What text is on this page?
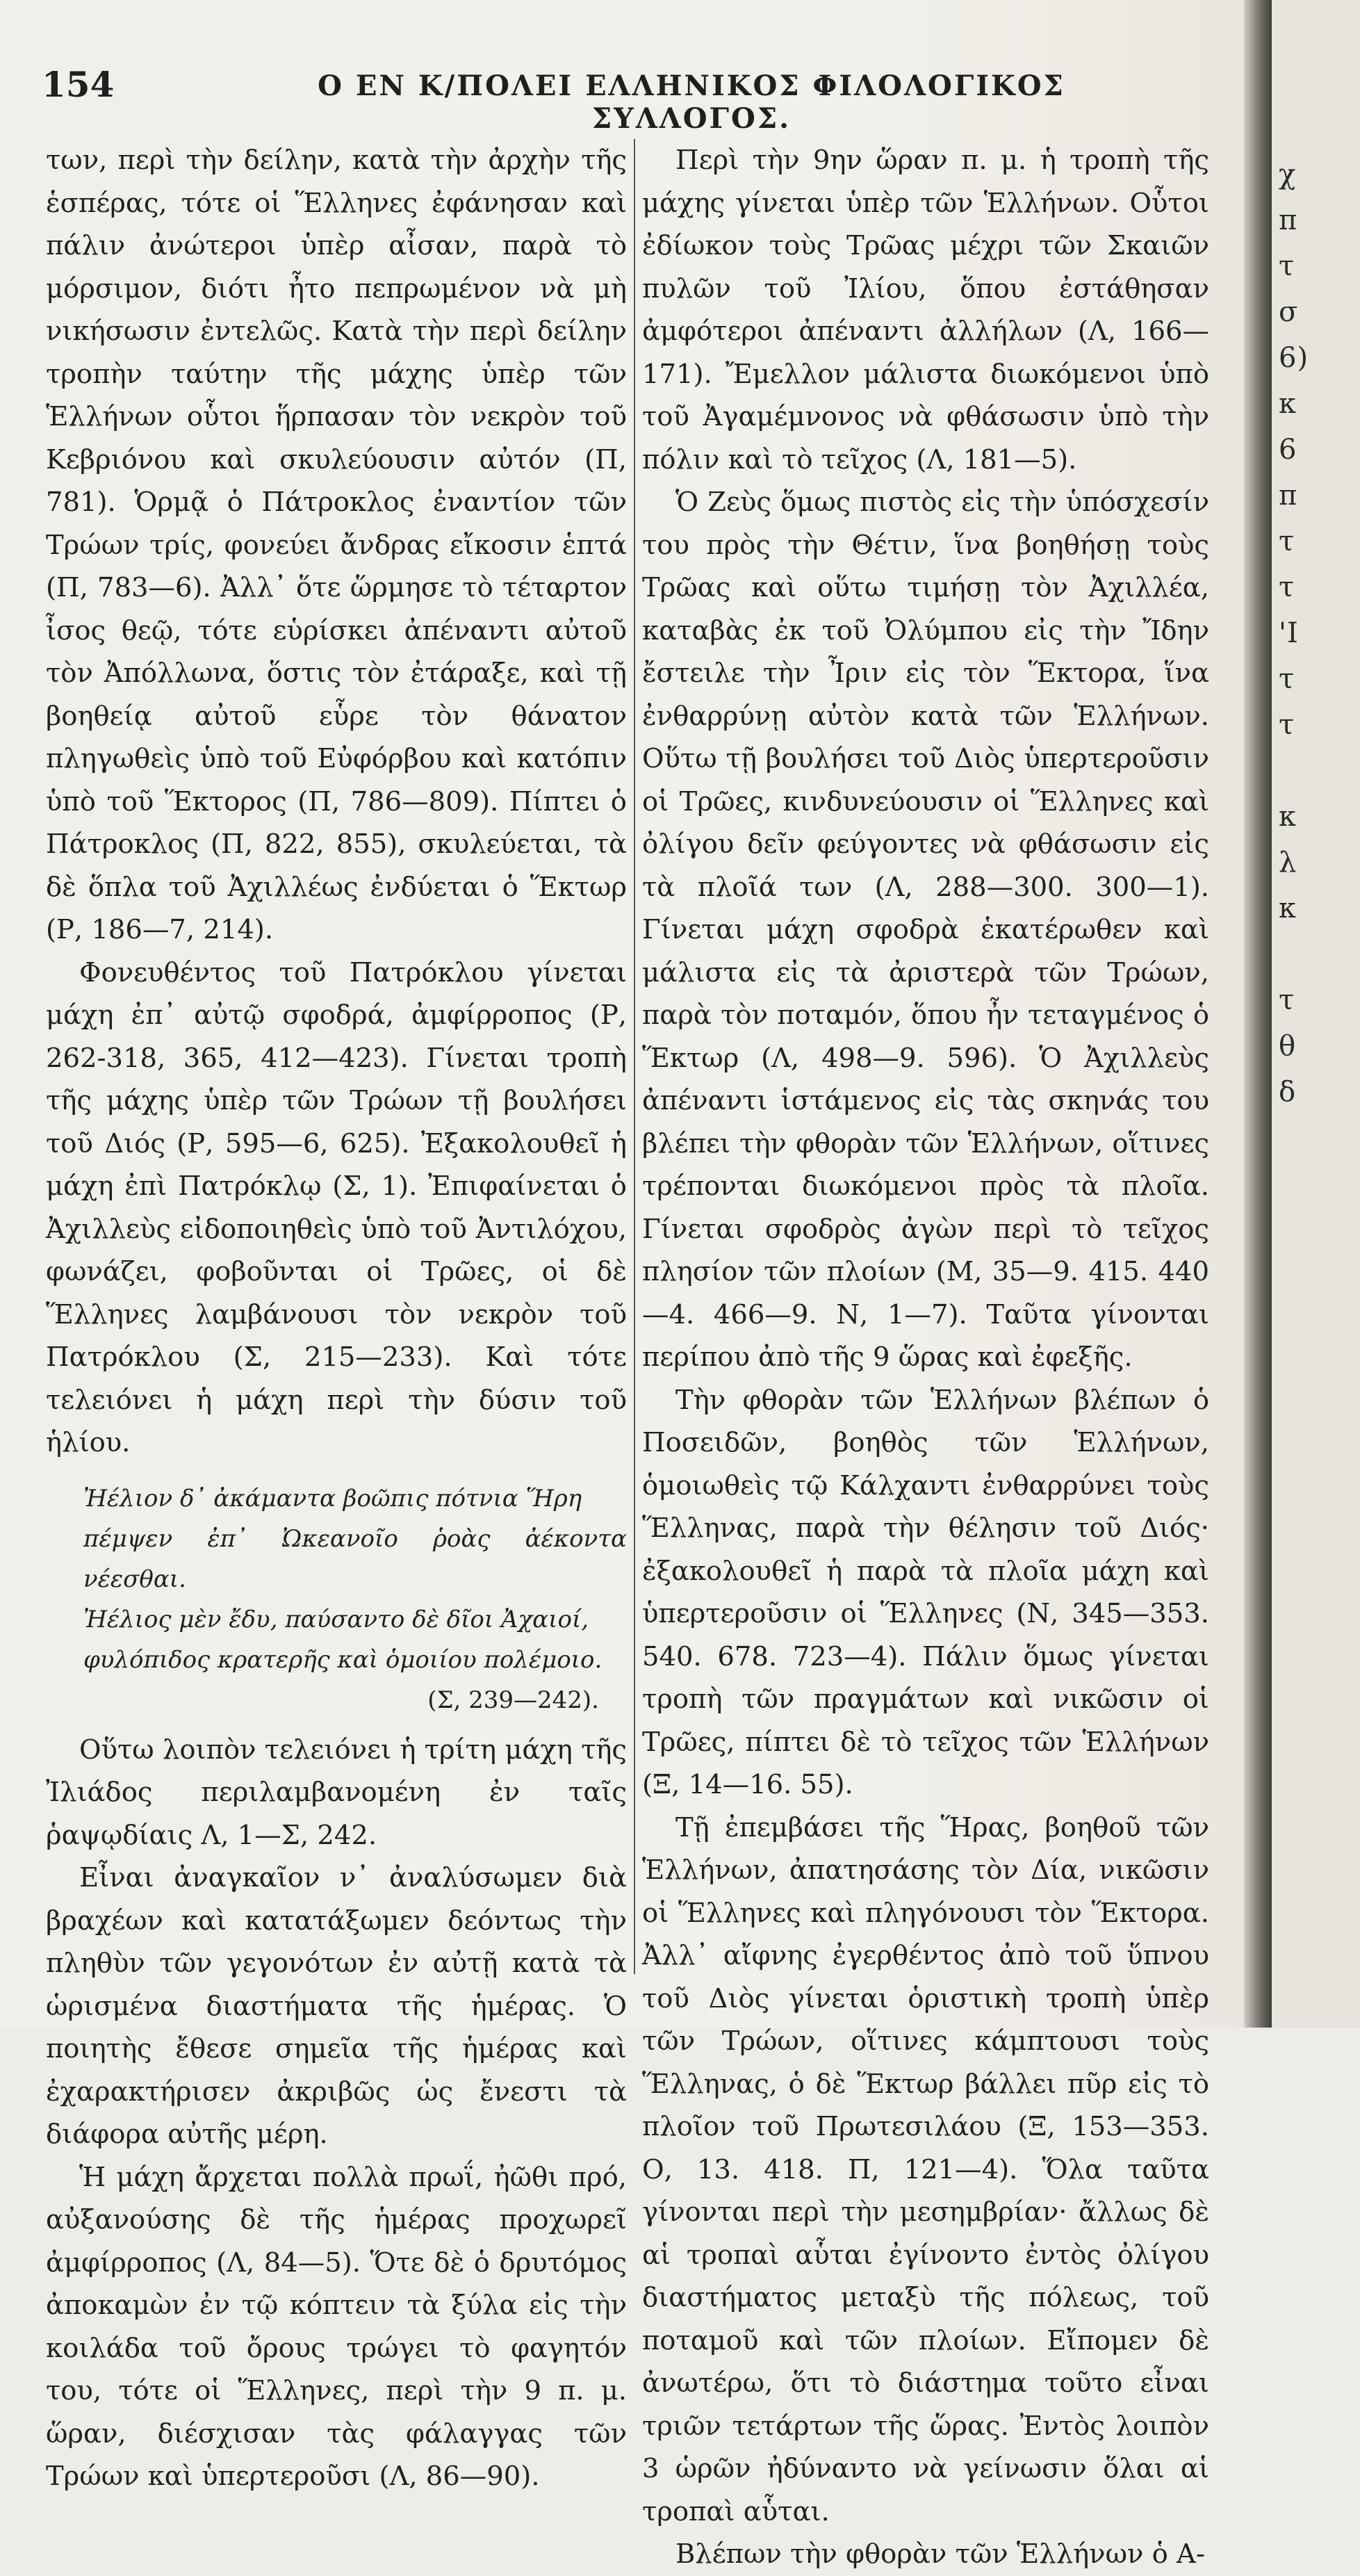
154	Ο ΕΝ Κ/ΠΟΛΕΙ ΕΛΛΗΝΙΚΟΣ ΦΙΛΟΛΟΓΙΚΟΣ ΣΥΛΛΟΓΟΣ.

των, περὶ τὴν δείλην, κατὰ τὴν ἀρχὴν τῆς ἑσπέρας, τότε οἱ Ἕλληνες ἐφάνησαν καὶ πάλιν ἀνώτεροι ὑπὲρ αἶσαν, παρὰ τὸ μόρσιμον, διότι ἦτο πεπρωμένον νὰ μὴ νικήσωσιν ἐντελῶς. Κατὰ τὴν περὶ δείλην τροπὴν ταύτην τῆς μάχης ὑπὲρ τῶν Ἑλλήνων οὗτοι ἥρπασαν τὸν νεκρὸν τοῦ Κεβριόνου καὶ σκυλεύουσιν αὐτόν (Π, 781). Ὁρμᾷ ὁ Πάτροκλος ἐναντίον τῶν Τρώων τρίς, φονεύει ἄνδρας εἴκοσιν ἑπτά (Π, 783—6). Ἀλλ᾽ ὅτε ὥρμησε τὸ τέταρτον ἶσος θεῷ, τότε εὑρίσκει ἀπέναντι αὐτοῦ τὸν Ἀπόλλωνα, ὅστις τὸν ἐτάραξε, καὶ τῇ βοηθείᾳ αὐτοῦ εὗρε τὸν θάνατον πληγωθεὶς ὑπὸ τοῦ Εὐφόρβου καὶ κατόπιν ὑπὸ τοῦ Ἕκτορος (Π, 786—809). Πίπτει ὁ Πάτροκλος (Π, 822, 855), σκυλεύεται, τὰ δὲ ὅπλα τοῦ Ἀχιλλέως ἐνδύεται ὁ Ἕκτωρ (Ρ, 186—7, 214).

Φονευθέντος τοῦ Πατρόκλου γίνεται μάχη ἐπ᾽ αὐτῷ σφοδρά, ἀμφίρροπος (Ρ, 262-318, 365, 412—423). Γίνεται τροπὴ τῆς μάχης ὑπὲρ τῶν Τρώων τῇ βουλήσει τοῦ Διός (Ρ, 595—6, 625). Ἐξακολουθεῖ ἡ μάχη ἐπὶ Πατρόκλῳ (Σ, 1). Ἐπιφαίνεται ὁ Ἀχιλλεὺς εἰδοποιηθεὶς ὑπὸ τοῦ Ἀντιλόχου, φωνάζει, φοβοῦνται οἱ Τρῶες, οἱ δὲ Ἕλληνες λαμβάνουσι τὸν νεκρὸν τοῦ Πατρόκλου (Σ, 215—233). Καὶ τότε τελειόνει ἡ μάχη περὶ τὴν δύσιν τοῦ ἡλίου.

Ἠέλιον δ᾽ ἀκάμαντα βοῶπις πότνια Ἥρη
πέμψεν ἐπ᾽ Ὠκεανοῖο ῥοὰς ἀέκοντα νέεσθαι.
Ἠέλιος μὲν ἔδυ, παύσαντο δὲ δῖοι Ἀχαιοί,
φυλόπιδος κρατερῆς καὶ ὁμοιίου πολέμοιο.
(Σ, 239—242).

Οὕτω λοιπὸν τελειόνει ἡ τρίτη μάχη τῆς Ἰλιάδος περιλαμβανομένη ἐν ταῖς ῥαψῳδίαις Λ, 1—Σ, 242.

Εἶναι ἀναγκαῖον ν᾽ ἀναλύσωμεν διὰ βραχέων καὶ κατατάξωμεν δεόντως τὴν πληθὺν τῶν γεγονότων ἐν αὐτῇ κατὰ τὰ ὡρισμένα διαστήματα τῆς ἡμέρας. Ὁ ποιητὴς ἔθεσε σημεῖα τῆς ἡμέρας καὶ ἐχαρακτήρισεν ἀκριβῶς ὡς ἔνεστι τὰ διάφορα αὐτῆς μέρη.

Ἡ μάχη ἄρχεται πολλὰ πρωΐ, ἠῶθι πρό, αὐξανούσης δὲ τῆς ἡμέρας προχωρεῖ ἀμφίρροπος (Λ, 84—5). Ὅτε δὲ ὁ δρυτόμος ἀποκαμὼν ἐν τῷ κόπτειν τὰ ξύλα εἰς τὴν κοιλάδα τοῦ ὄρους τρώγει τὸ φαγητόν του, τότε οἱ Ἕλληνες, περὶ τὴν 9 π. μ. ὥραν, διέσχισαν τὰς φάλαγγας τῶν Τρώων καὶ ὑπερτεροῦσι (Λ, 86—90).

Περὶ τὴν 9ην ὥραν π. μ. ἡ τροπὴ τῆς μάχης γίνεται ὑπὲρ τῶν Ἑλλήνων. Οὗτοι ἐδίωκον τοὺς Τρῶας μέχρι τῶν Σκαιῶν πυλῶν τοῦ Ἰλίου, ὅπου ἐστάθησαν ἀμφότεροι ἀπέναντι ἀλλήλων (Λ, 166—171). Ἔμελλον μάλιστα διωκόμενοι ὑπὸ τοῦ Ἀγαμέμνονος νὰ φθάσωσιν ὑπὸ τὴν πόλιν καὶ τὸ τεῖχος (Λ, 181—5).

Ὁ Ζεὺς ὅμως πιστὸς εἰς τὴν ὑπόσχεσίν του πρὸς τὴν Θέτιν, ἵνα βοηθήσῃ τοὺς Τρῶας καὶ οὕτω τιμήσῃ τὸν Ἀχιλλέα, καταβὰς ἐκ τοῦ Ὀλύμπου εἰς τὴν Ἴδην ἔστειλε τὴν Ἶριν εἰς τὸν Ἕκτορα, ἵνα ἐνθαρρύνῃ αὐτὸν κατὰ τῶν Ἑλλήνων. Οὕτω τῇ βουλήσει τοῦ Διὸς ὑπερτεροῦσιν οἱ Τρῶες, κινδυνεύουσιν οἱ Ἕλληνες καὶ ὀλίγου δεῖν φεύγοντες νὰ φθάσωσιν εἰς τὰ πλοῖά των (Λ, 288—300. 300—1). Γίνεται μάχη σφοδρὰ ἑκατέρωθεν καὶ μάλιστα εἰς τὰ ἀριστερὰ τῶν Τρώων, παρὰ τὸν ποταμόν, ὅπου ἦν τεταγμένος ὁ Ἕκτωρ (Λ, 498—9. 596). Ὁ Ἀχιλλεὺς ἀπέναντι ἱστάμενος εἰς τὰς σκηνάς του βλέπει τὴν φθορὰν τῶν Ἑλλήνων, οἵτινες τρέπονται διωκόμενοι πρὸς τὰ πλοῖα. Γίνεται σφοδρὸς ἀγὼν περὶ τὸ τεῖχος πλησίον τῶν πλοίων (Μ, 35—9. 415. 440—4. 466—9. Ν, 1—7). Ταῦτα γίνονται περίπου ἀπὸ τῆς 9 ὥρας καὶ ἐφεξῆς.

Τὴν φθορὰν τῶν Ἑλλήνων βλέπων ὁ Ποσειδῶν, βοηθὸς τῶν Ἑλλήνων, ὁμοιωθεὶς τῷ Κάλχαντι ἐνθαρρύνει τοὺς Ἕλληνας, παρὰ τὴν θέλησιν τοῦ Διός· ἐξακολουθεῖ ἡ παρὰ τὰ πλοῖα μάχη καὶ ὑπερτεροῦσιν οἱ Ἕλληνες (Ν, 345—353. 540. 678. 723—4). Πάλιν ὅμως γίνεται τροπὴ τῶν πραγμάτων καὶ νικῶσιν οἱ Τρῶες, πίπτει δὲ τὸ τεῖχος τῶν Ἑλλήνων (Ξ, 14—16. 55).

Τῇ ἐπεμβάσει τῆς Ἥρας, βοηθοῦ τῶν Ἑλλήνων, ἀπατησάσης τὸν Δία, νικῶσιν οἱ Ἕλληνες καὶ πληγόνουσι τὸν Ἕκτορα. Ἀλλ᾽ αἴφνης ἐγερθέντος ἀπὸ τοῦ ὕπνου τοῦ Διὸς γίνεται ὁριστικὴ τροπὴ ὑπὲρ τῶν Τρώων, οἵτινες κάμπτουσι τοὺς Ἕλληνας, ὁ δὲ Ἕκτωρ βάλλει πῦρ εἰς τὸ πλοῖον τοῦ Πρωτεσιλάου (Ξ, 153—353. Ο, 13. 418. Π, 121—4). Ὅλα ταῦτα γίνονται περὶ τὴν μεσημβρίαν· ἄλλως δὲ αἱ τροπαὶ αὗται ἐγίνοντο ἐντὸς ὀλίγου διαστήματος μεταξὺ τῆς πόλεως, τοῦ ποταμοῦ καὶ τῶν πλοίων. Εἴπομεν δὲ ἀνωτέρω, ὅτι τὸ διάστημα τοῦτο εἶναι τριῶν τετάρτων τῆς ὥρας. Ἐντὸς λοιπὸν 3 ὡρῶν ἠδύναντο νὰ γείνωσιν ὅλαι αἱ τροπαὶ αὗται.

Βλέπων τὴν φθορὰν τῶν Ἑλλήνων ὁ Α-

χ
π
τ
σ
6)
κ
6
π
τ
τ
'Ι
τ
τ

κ
λ
κ

τ
θ
δ
